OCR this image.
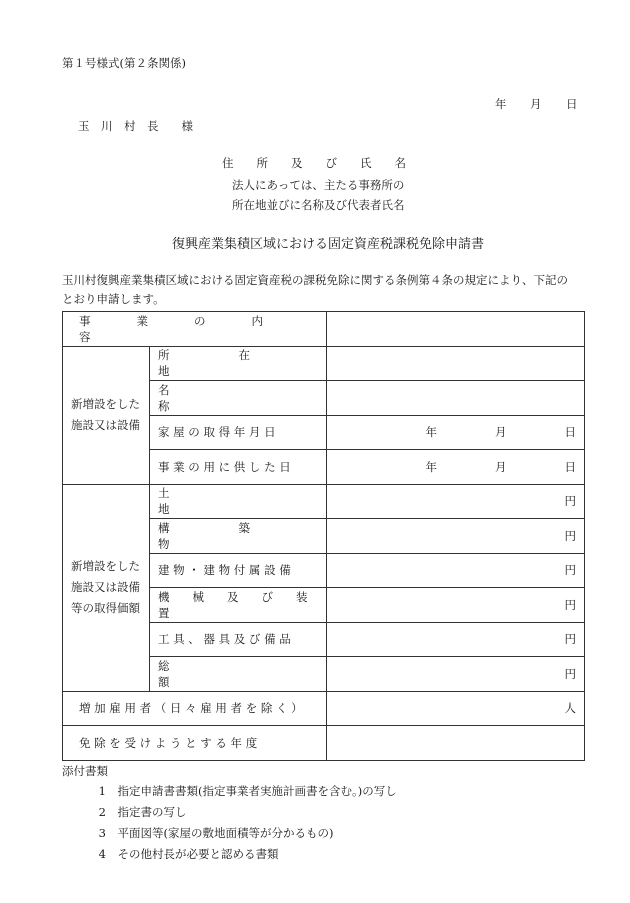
第１号様式(第２条関係)
年 月 日
玉　川　村　長　　様
住　　所　　及　　び　　氏　　名
法人にあっては、主たる事務所の
所在地並びに名称及び代表者氏名
復興産業集積区域における固定資産税課税免除申請書
玉川村復興産業集積区域における固定資産税の課税免除に関する条例第４条の規定により、下記の
とおり申請します。
事　　　　業　　　　の　　　　内　　　　容		

新増設をした
施設又は設備	所　　　　　　在　　　　　　地	
	名　　　　　　　　　　　　　称	
	家 屋 の 取 得 年 月 日	年 月 日

	事 業 の 用 に 供 し た 日	年 月 日

新増設をした
施設又は設備
等の取得価額	土　　　　　　　　　　　　　地	円
	構　　　　　　築　　　　　　物	円
	建 物 ・ 建 物 付 属 設 備	円
	機　　械　　及　　び　　装　　置	円
	工 具 、 器 具 及 び 備 品	円
	総　　　　　　　　　　　　　額	円
増 加 雇 用 者 （ 日 々 雇 用 者 を 除 く ）		人
免 除 を 受 け よ う と す る 年 度		
添付書類
1　 指定申請書書類(指定事業者実施計画書を含む。)の写し
2　 指定書の写し
3　 平面図等(家屋の敷地面積等が分かるもの)
4　 その他村長が必要と認める書類
